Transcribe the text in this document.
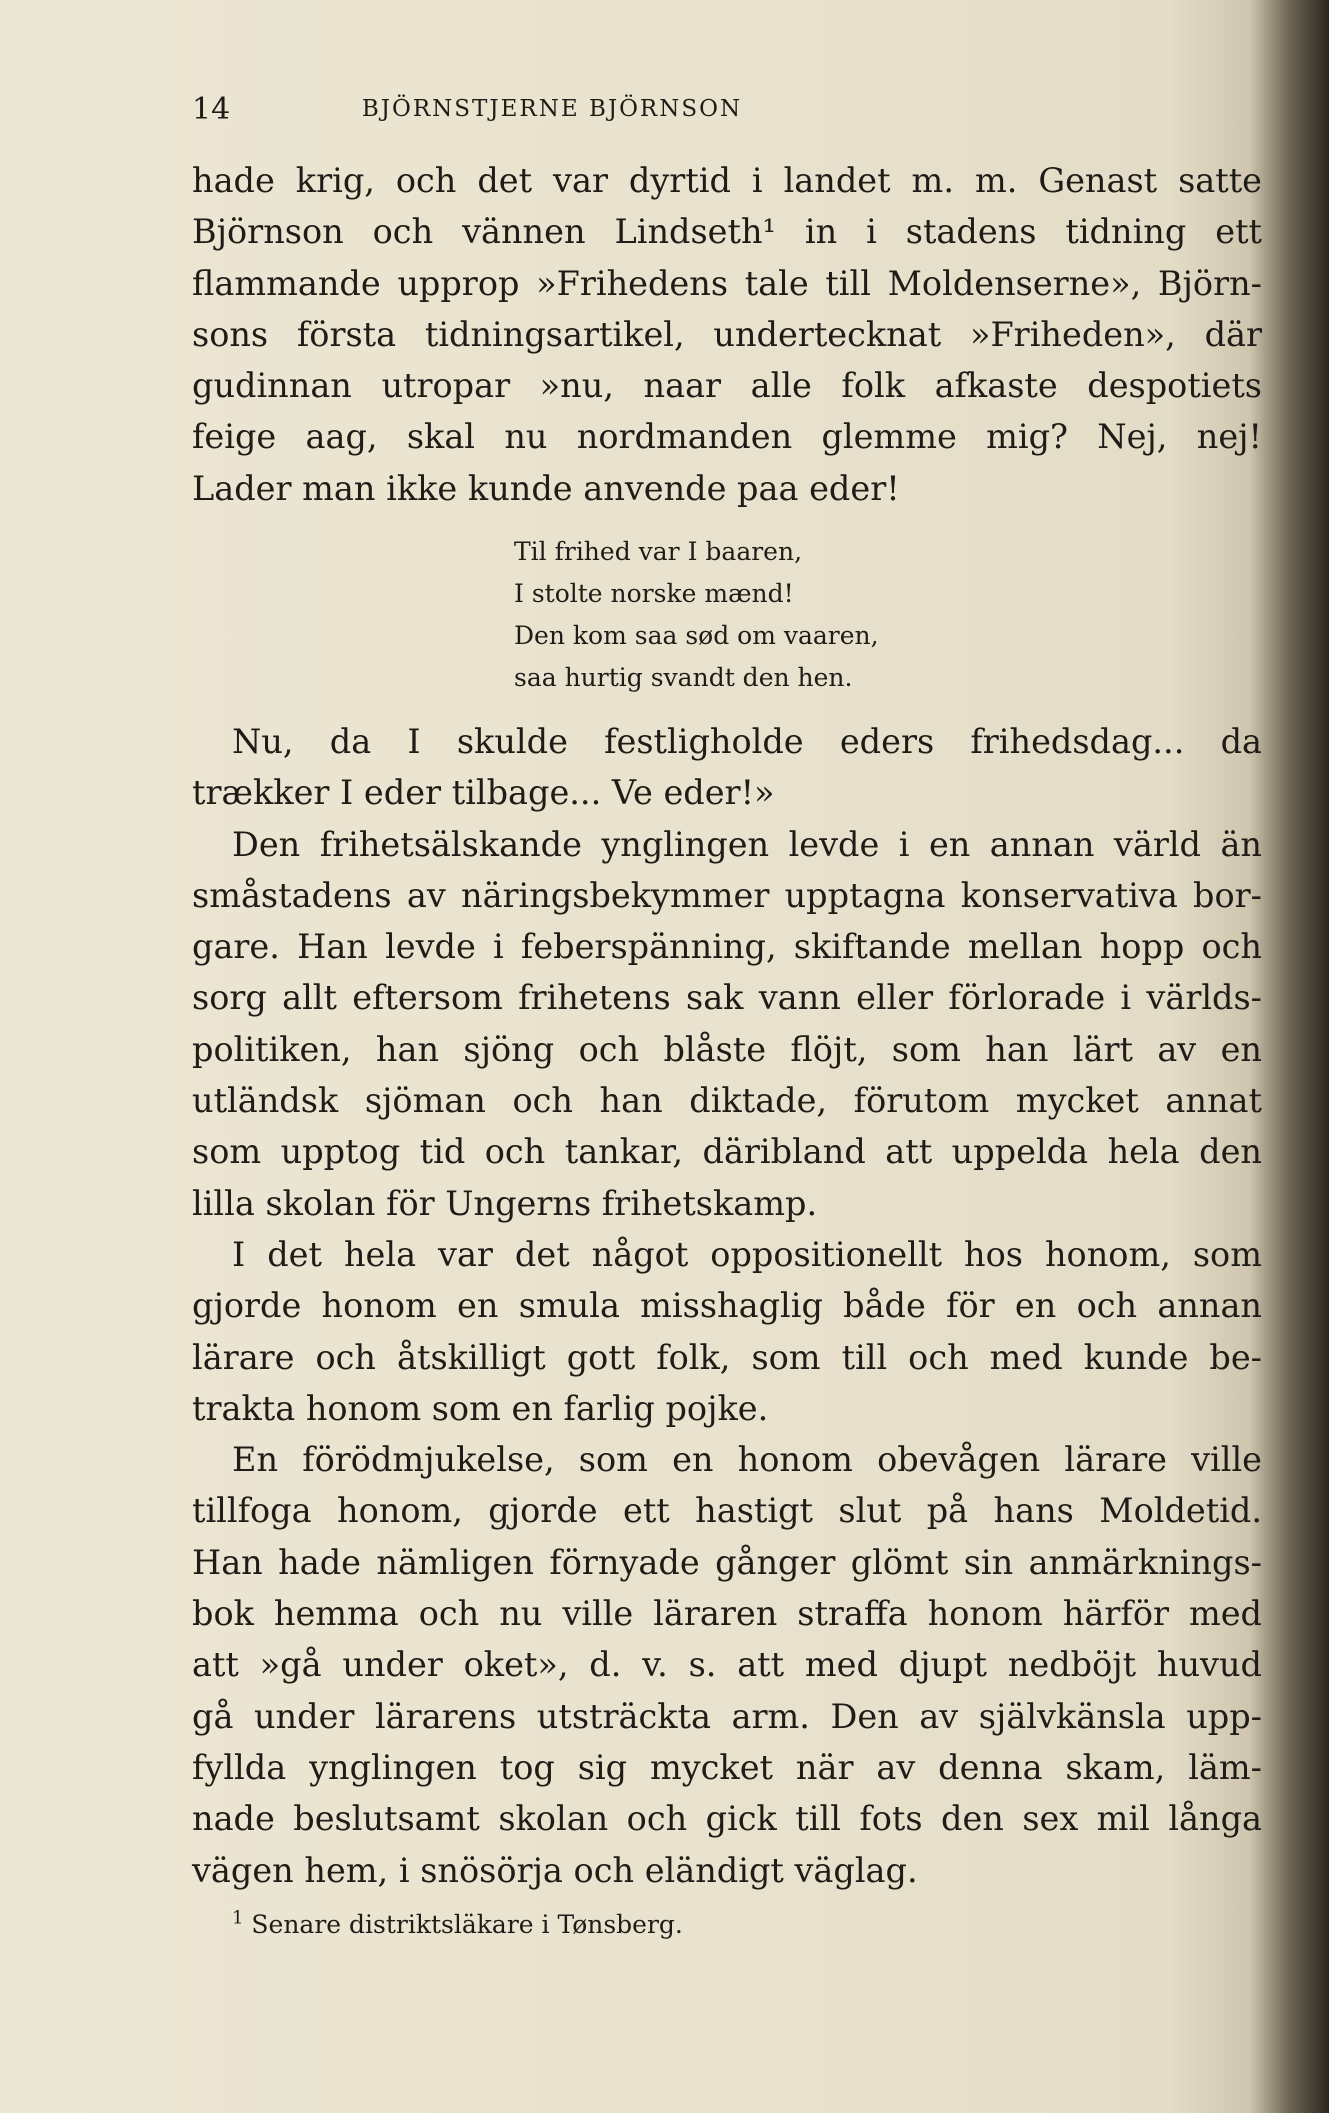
14	BJÖRNSTJERNE BJÖRNSON
hade krig, och det var dyrtid i landet m. m. Genast satte
Björnson och vännen Lindseth¹ in i stadens tidning ett
flammande upprop »Frihedens tale till Moldenserne», Björn-
sons första tidningsartikel, undertecknat »Friheden», där
gudinnan utropar »nu, naar alle folk afkaste despotiets
feige aag, skal nu nordmanden glemme mig? Nej, nej!
Lader man ikke kunde anvende paa eder!
Til frihed var I baaren,
I stolte norske mænd!
Den kom saa sød om vaaren,
saa hurtig svandt den hen.
Nu, da I skulde festligholde eders frihedsdag... da
trækker I eder tilbage... Ve eder!»
Den frihetsälskande ynglingen levde i en annan värld än
småstadens av näringsbekymmer upptagna konservativa bor-
gare. Han levde i feberspänning, skiftande mellan hopp och
sorg allt eftersom frihetens sak vann eller förlorade i världs-
politiken, han sjöng och blåste flöjt, som han lärt av en
utländsk sjöman och han diktade, förutom mycket annat
som upptog tid och tankar, däribland att uppelda hela den
lilla skolan för Ungerns frihetskamp.
I det hela var det något oppositionellt hos honom, som
gjorde honom en smula misshaglig både för en och annan
lärare och åtskilligt gott folk, som till och med kunde be-
trakta honom som en farlig pojke.
En förödmjukelse, som en honom obevågen lärare ville
tillfoga honom, gjorde ett hastigt slut på hans Moldetid.
Han hade nämligen förnyade gånger glömt sin anmärknings-
bok hemma och nu ville läraren straffa honom härför med
att »gå under oket», d. v. s. att med djupt nedböjt huvud
gå under lärarens utsträckta arm. Den av självkänsla upp-
fyllda ynglingen tog sig mycket när av denna skam, läm-
nade beslutsamt skolan och gick till fots den sex mil långa
vägen hem, i snösörja och eländigt väglag.
$^1$ Senare distriktsläkare i Tønsberg.
